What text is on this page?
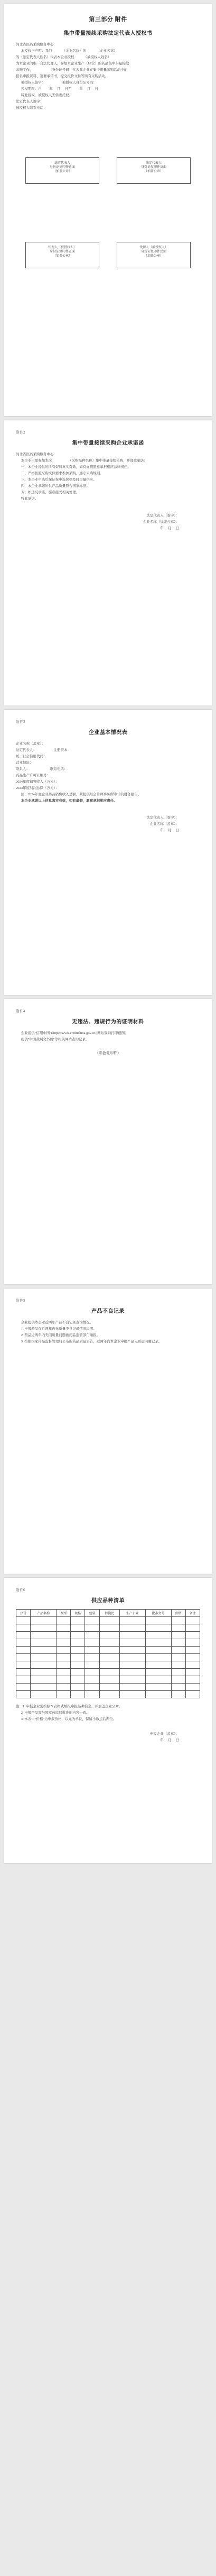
第三部分 附件

集中带量接续采购法定代表人授权书

河北省医药采购服务中心：

本授权书声明：我们            （企业名称）的            （企业名称）

的（法定代表人姓名）代表本企业授权           （被授权人姓名）

为本企业的唯一合法代理人，参加本企业生产（经营）的药品集中带量接续

采购工作，                  （身份证号码）代表我企业在集中带量采购活动中的

报名申报资料、签署承诺书、提交报价文件等所有采购活动。

被授权人签字：                    被授权人身份证号码：

授权期限：自         年     月     日至         年     月     日

特此授权，被授权人无转委托权。

法定代表人签字：

被授权人联系电话：

法定代表人
身份证复印件正面
（加盖公章）
法定代表人
身份证复印件反面
（加盖公章）
代理人（被授权人）
身份证复印件正面
（加盖公章）
代理人（被授权人）
身份证复印件反面
（加盖公章）

附件2

集中带量接续采购企业承诺函

河北省医药采购服务中心：

本企业自愿参加本次                   （采购品种名称）集中带量接续采购，并郑重承诺：

一、本企业提供的所有资料真实有效，如有虚假愿意承担相应法律责任。

二、严格按照采购文件要求参加采购，遵守采购规则。

三、本企业中选后保证按中选价格及时足量供应。

四、本企业承诺所供产品质量符合国家标准。

五、如违反承诺，愿意接受相关处理。

特此承诺。

法定代表人（签字）：

企业名称（加盖公章）：

年     月     日

附件3

企业基本情况表

企业名称（盖章）：

法定代表人：                    注册资本：

统一社会信用代码：

营业地址：

联系人：                        联系电话：

药品生产许可证编号：

2024年度销售收入（万元）：

2024年度利润总额（万元）：

注：2024年度企业药品销售收入总额，须提供经会计师事务所审计的财务报告。

本企业承诺以上信息真实有效，如有虚假，愿意承担相应责任。

法定代表人（签字）：

企业名称（盖章）：

年     月     日

附件4

无违法、违规行为的证明材料

企业提供"信用中国"(https://www.creditchina.gov.cn/)网站查询打印截图。

提供"中国裁判文书网"等相关网站查询记录。

（彩色复印件）

附件5

产品不良记录

企业提供本企业近两年产品不良记录查询情况。

1. 申报药品在近两年内无质量不良记录情况说明。

2. 药品近两年内无因质量问题被药品监管部门通报。

3. 按照国家药品监督管理局公布的药品质量公告，近两年内本企业申报产品无质量问题记录。

附件6

供应品种清单

序号	产品名称	剂型	规格	包装	转换比	生产企业	批准文号	价格	备注

注：1. 申报企业需按照本表格式填报申报品种信息，并加盖企业公章。

2. 申报产品需与国家药监局批准的内容一致。

3. 本表中"价格"为申报价格，以元为单位，保留小数点后两位。

申报企业（盖章）：

年     月     日
